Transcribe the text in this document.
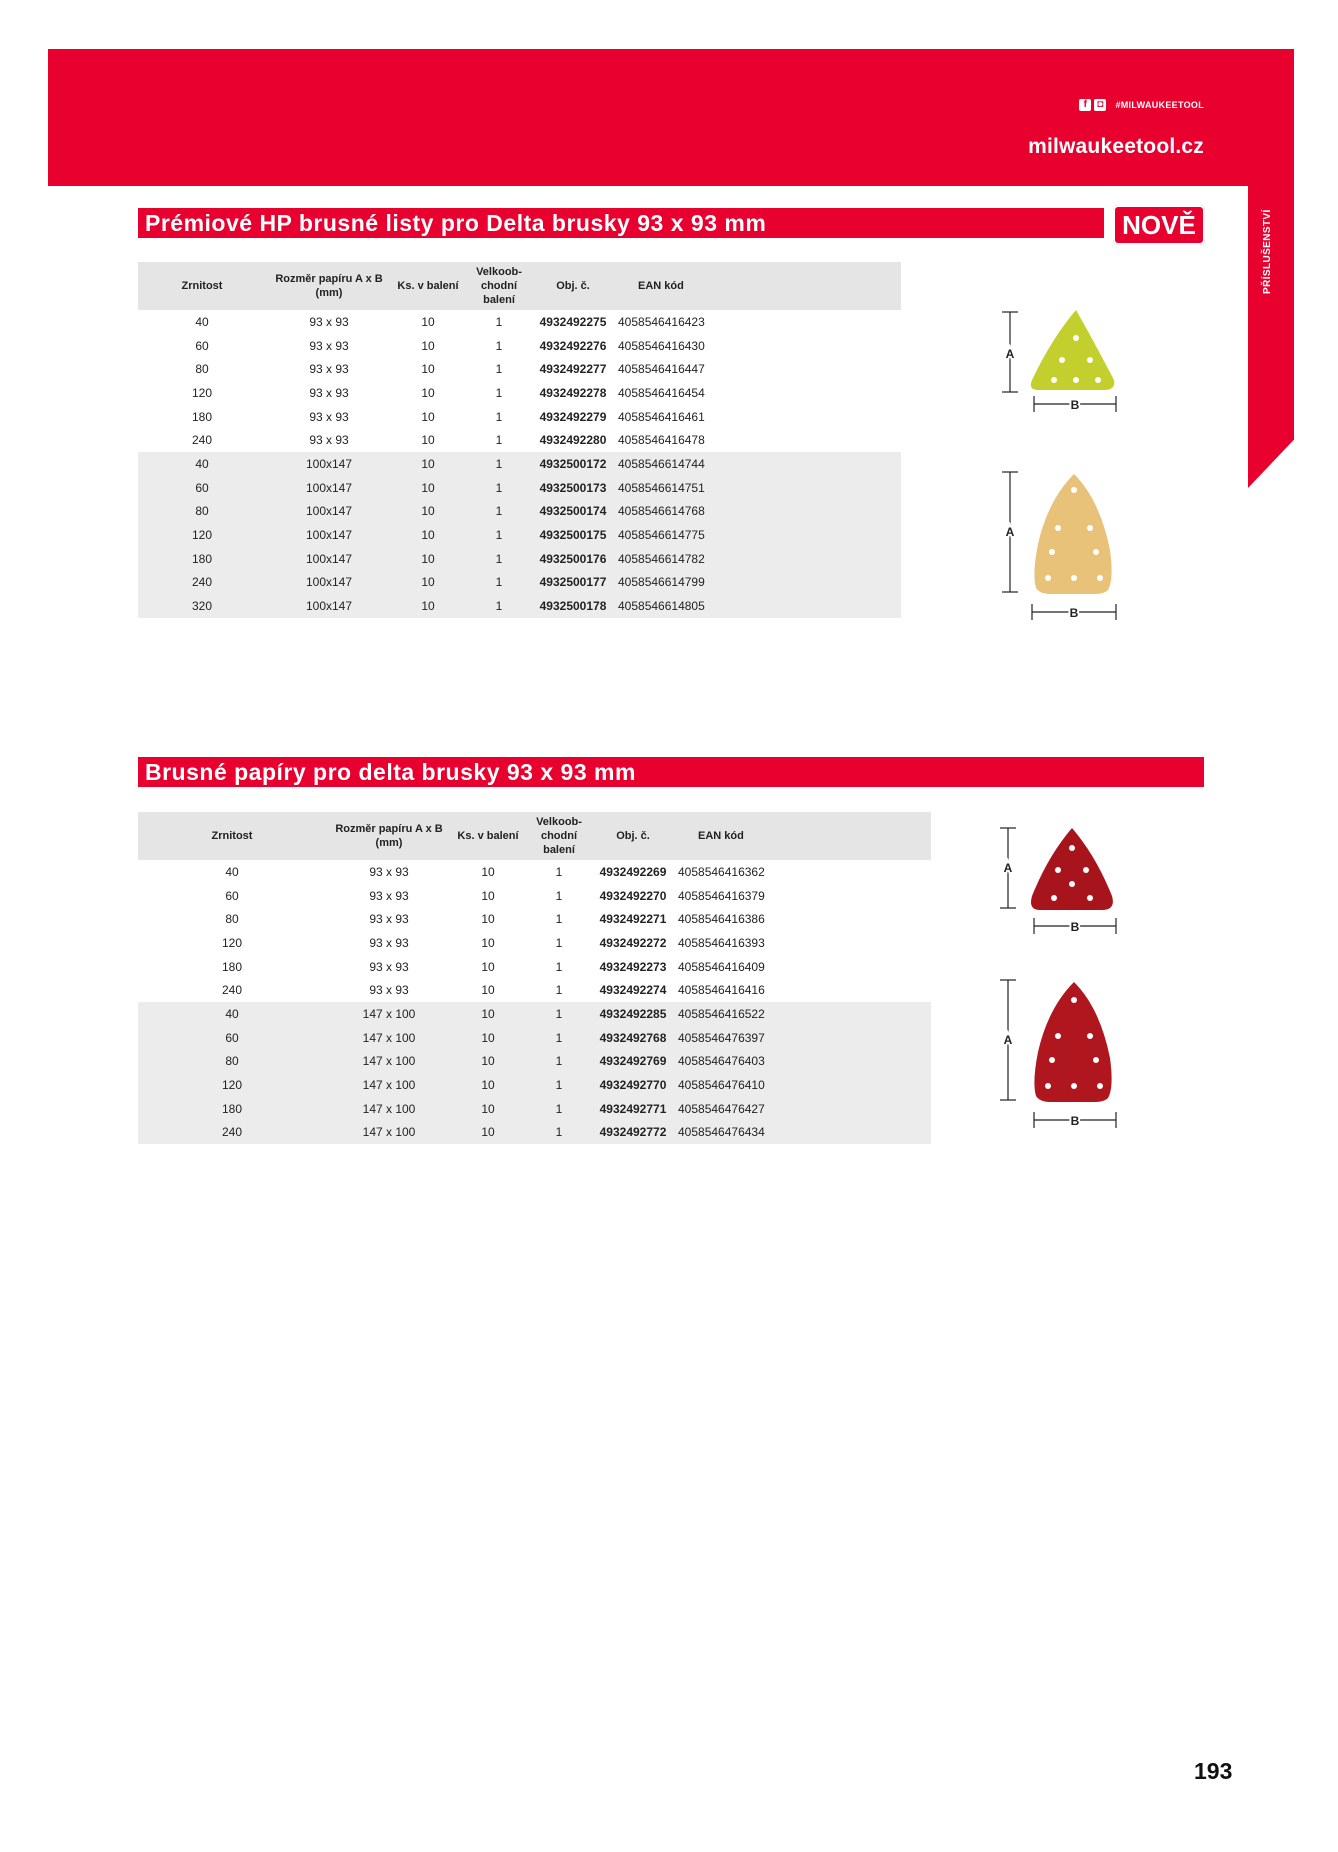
f	◘	#MILWAUKEETOOL
milwaukeetool.cz
PŘÍSLUŠENSTVÍ
Prémiové HP brusné listy pro Delta brusky 93 x 93 mm	NOVĚ
Zrnitost	Rozměr papíru A x B (mm)	Ks. v balení	Velkoob-chodní balení	Obj. č.	EAN kód	
40	93 x 93	10	1	4932492275	4058546416423	
60	93 x 93	10	1	4932492276	4058546416430	
80	93 x 93	10	1	4932492277	4058546416447	
120	93 x 93	10	1	4932492278	4058546416454	
180	93 x 93	10	1	4932492279	4058546416461	
240	93 x 93	10	1	4932492280	4058546416478	
40	100x147	10	1	4932500172	4058546614744	
60	100x147	10	1	4932500173	4058546614751	
80	100x147	10	1	4932500174	4058546614768	
120	100x147	10	1	4932500175	4058546614775	
180	100x147	10	1	4932500176	4058546614782	
240	100x147	10	1	4932500177	4058546614799	
320	100x147	10	1	4932500178	4058546614805	
A
B
A
B
Brusné papíry pro delta brusky 93 x 93 mm
Zrnitost	Rozměr papíru A x B (mm)	Ks. v balení	Velkoob-chodní balení	Obj. č.	EAN kód	
40	93 x 93	10	1	4932492269	4058546416362	
60	93 x 93	10	1	4932492270	4058546416379	
80	93 x 93	10	1	4932492271	4058546416386	
120	93 x 93	10	1	4932492272	4058546416393	
180	93 x 93	10	1	4932492273	4058546416409	
240	93 x 93	10	1	4932492274	4058546416416	
40	147 x 100	10	1	4932492285	4058546416522	
60	147 x 100	10	1	4932492768	4058546476397	
80	147 x 100	10	1	4932492769	4058546476403	
120	147 x 100	10	1	4932492770	4058546476410	
180	147 x 100	10	1	4932492771	4058546476427	
240	147 x 100	10	1	4932492772	4058546476434	
A
B
A
B
193
